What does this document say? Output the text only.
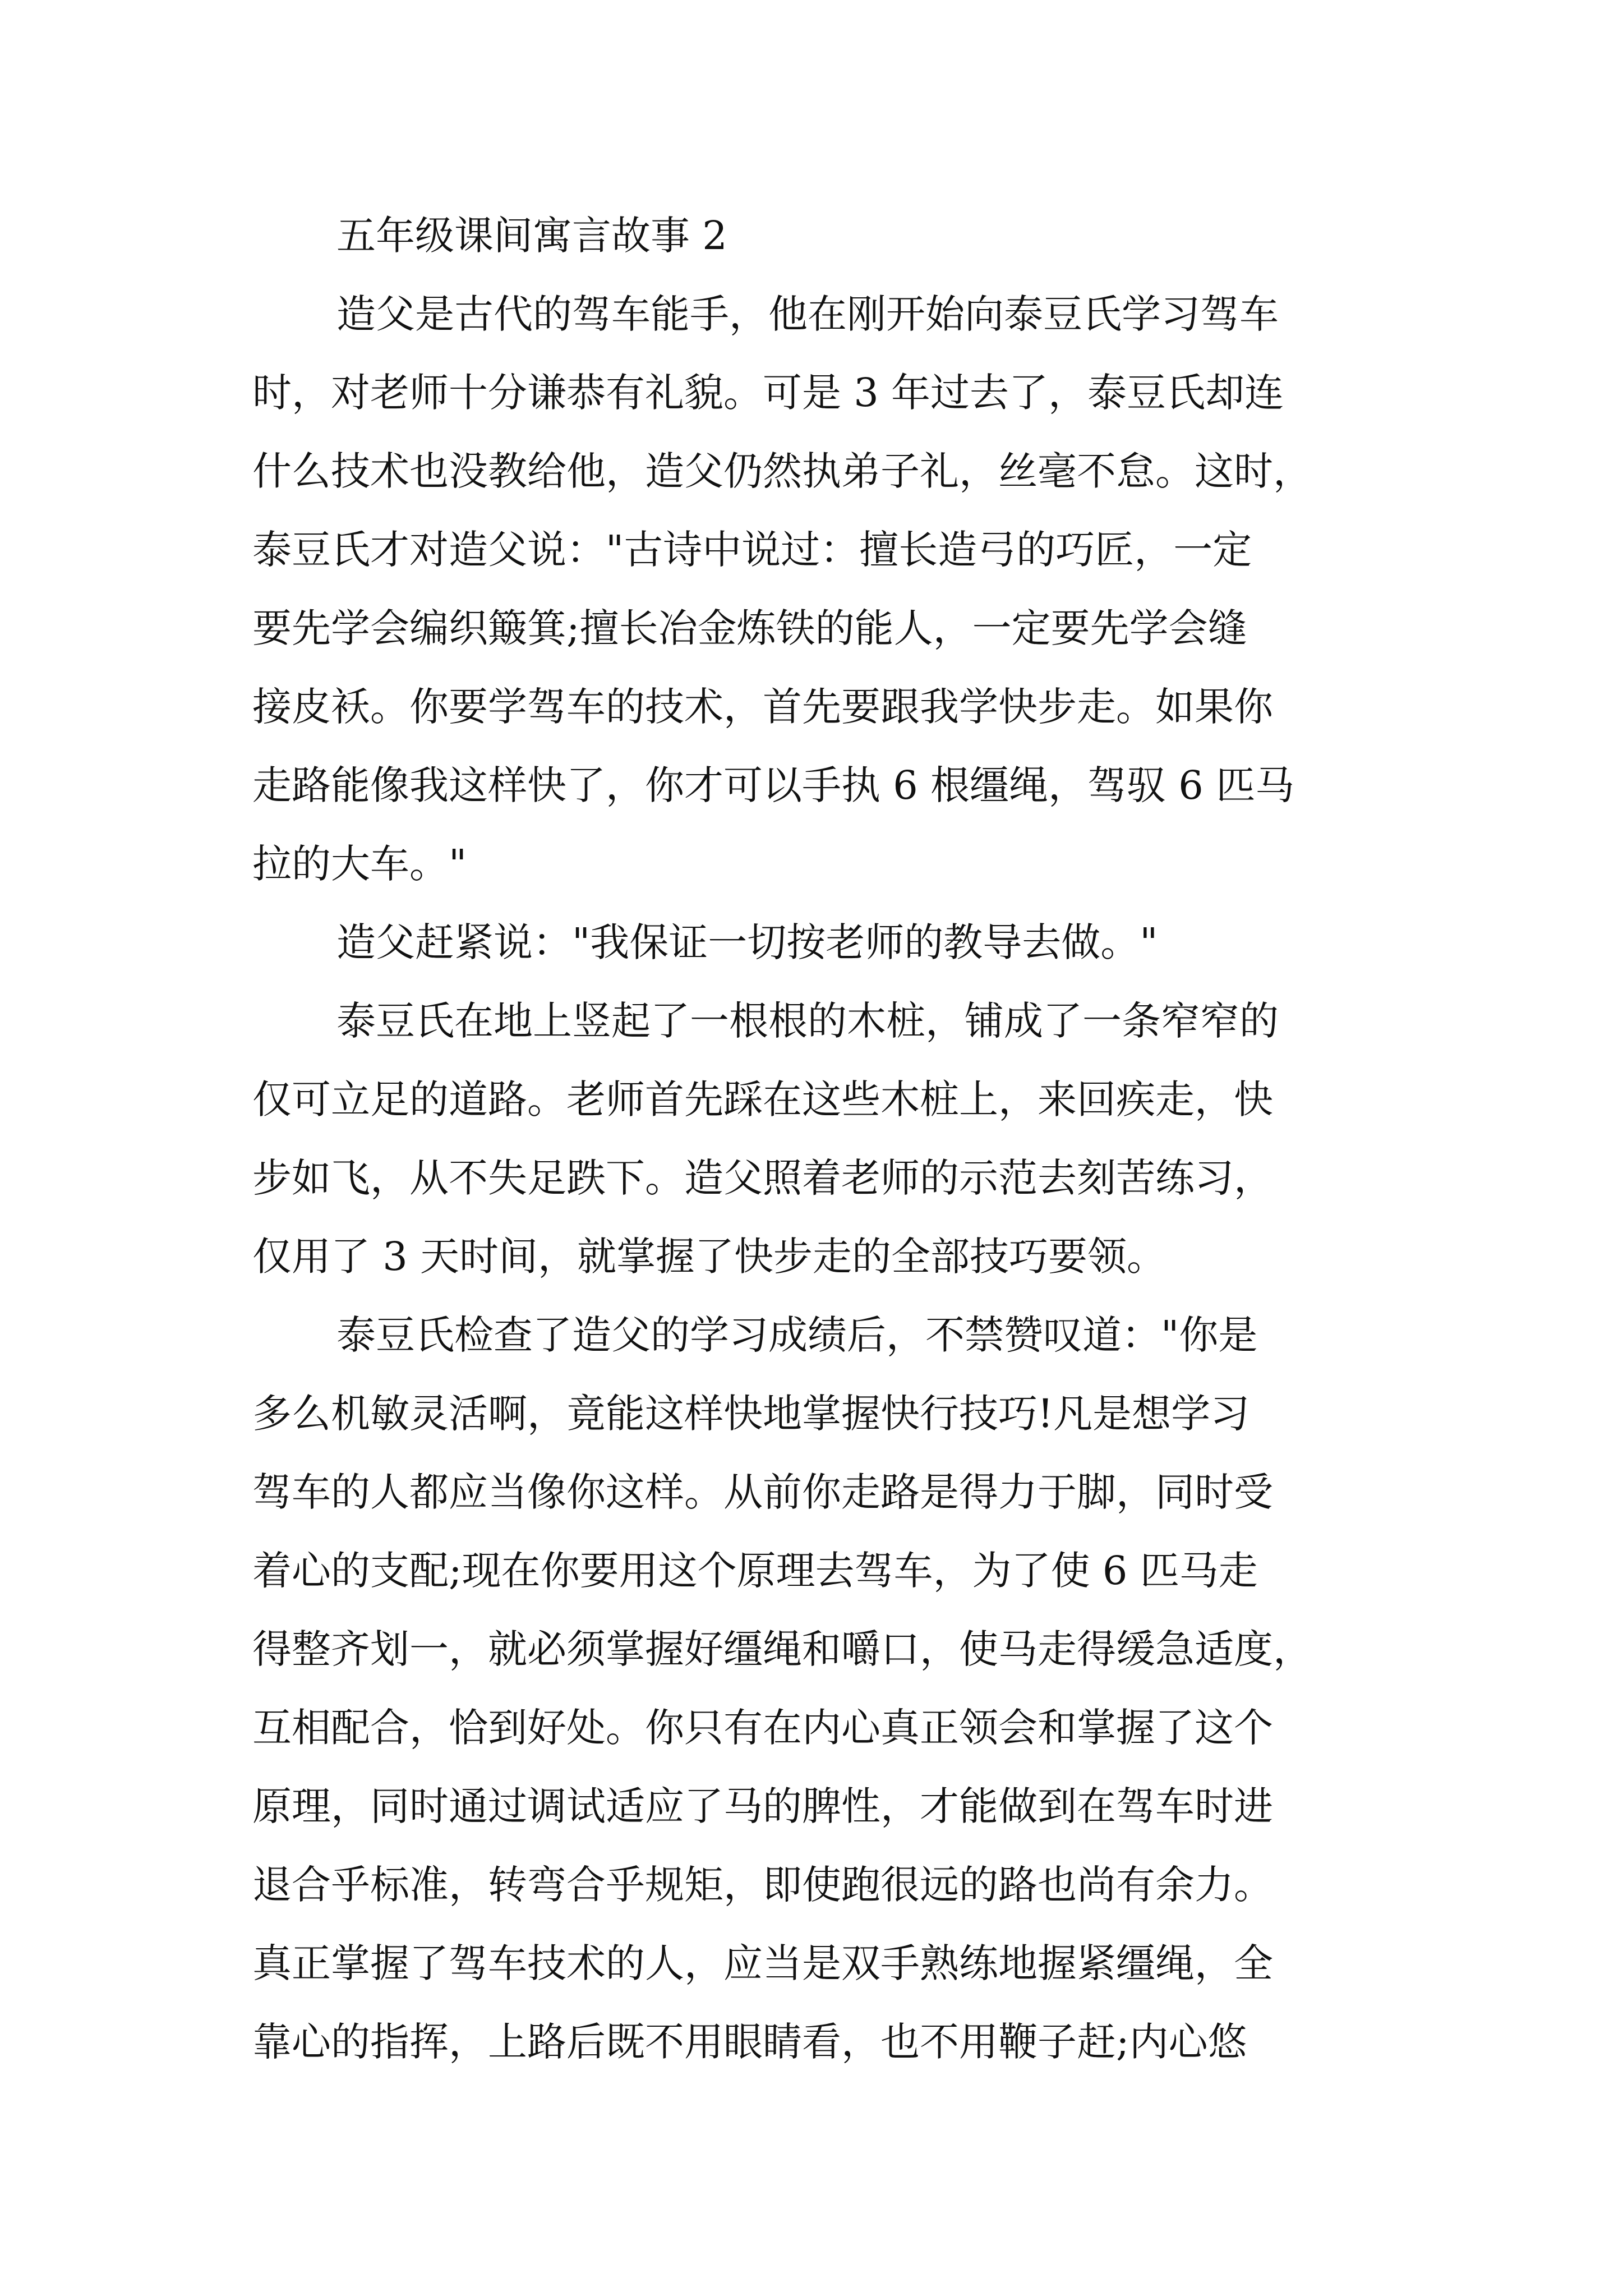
五年级课间寓言故事 2
造父是古代的驾车能手，他在刚开始向泰豆氏学习驾车
时，对老师十分谦恭有礼貌。可是 3 年过去了，泰豆氏却连
什么技术也没教给他，造父仍然执弟子礼，丝毫不怠。这时，
泰豆氏才对造父说："古诗中说过：擅长造弓的巧匠，一定
要先学会编织簸箕;擅长冶金炼铁的能人，一定要先学会缝
接皮袄。你要学驾车的技术，首先要跟我学快步走。如果你
走路能像我这样快了，你才可以手执 6 根缰绳，驾驭 6 匹马
拉的大车。"
造父赶紧说："我保证一切按老师的教导去做。"
泰豆氏在地上竖起了一根根的木桩，铺成了一条窄窄的
仅可立足的道路。老师首先踩在这些木桩上，来回疾走，快
步如飞，从不失足跌下。造父照着老师的示范去刻苦练习，
仅用了 3 天时间，就掌握了快步走的全部技巧要领。
泰豆氏检查了造父的学习成绩后，不禁赞叹道："你是
多么机敏灵活啊，竟能这样快地掌握快行技巧!凡是想学习
驾车的人都应当像你这样。从前你走路是得力于脚，同时受
着心的支配;现在你要用这个原理去驾车，为了使 6 匹马走
得整齐划一，就必须掌握好缰绳和嚼口，使马走得缓急适度，
互相配合，恰到好处。你只有在内心真正领会和掌握了这个
原理，同时通过调试适应了马的脾性，才能做到在驾车时进
退合乎标准，转弯合乎规矩，即使跑很远的路也尚有余力。
真正掌握了驾车技术的人，应当是双手熟练地握紧缰绳，全
靠心的指挥，上路后既不用眼睛看，也不用鞭子赶;内心悠
